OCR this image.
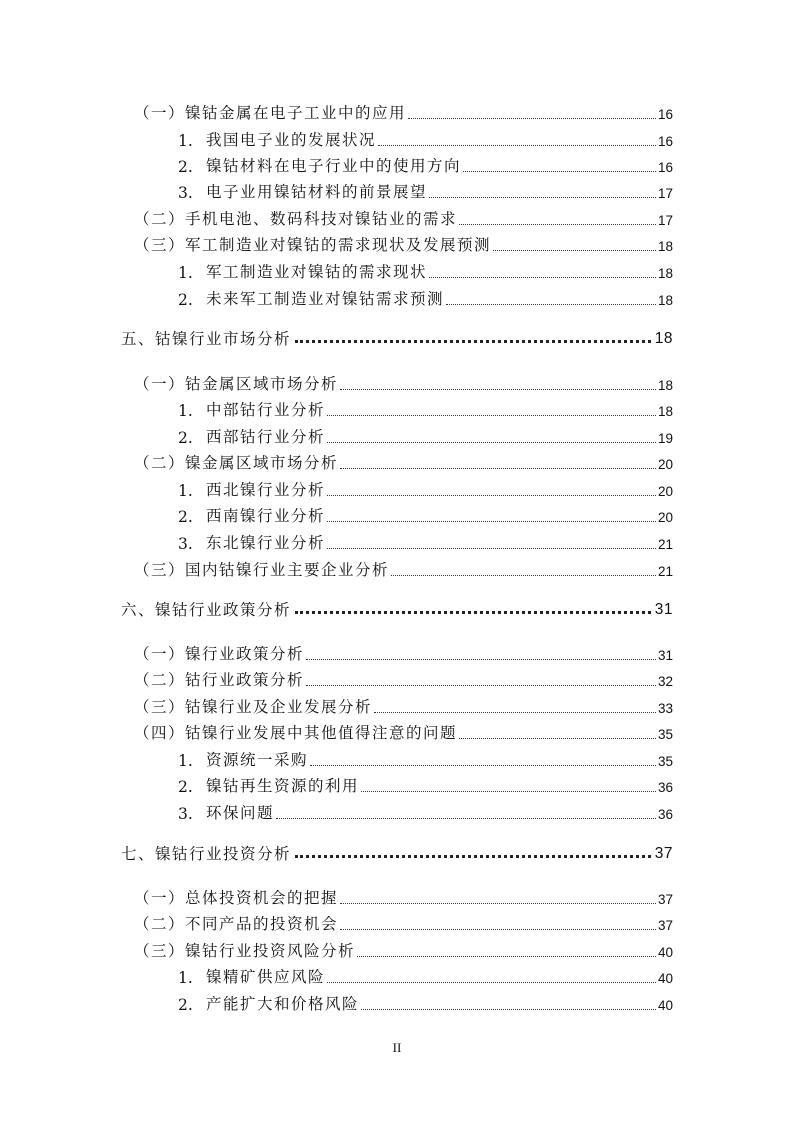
（一）镍钴金属在电子工业中的应用	16
1. 我国电子业的发展状况	16
2. 镍钴材料在电子行业中的使用方向	16
3. 电子业用镍钴材料的前景展望	17
（二）手机电池、数码科技对镍钴业的需求	17
（三）军工制造业对镍钴的需求现状及发展预测	18
1. 军工制造业对镍钴的需求现状	18
2. 未来军工制造业对镍钴需求预测	18
五、钴镍行业市场分析	18
（一）钴金属区域市场分析	18
1. 中部钴行业分析	18
2. 西部钴行业分析	19
（二）镍金属区域市场分析	20
1. 西北镍行业分析	20
2. 西南镍行业分析	20
3. 东北镍行业分析	21
（三）国内钴镍行业主要企业分析	21
六、镍钴行业政策分析	31
（一）镍行业政策分析	31
（二）钴行业政策分析	32
（三）钴镍行业及企业发展分析	33
（四）钴镍行业发展中其他值得注意的问题	35
1. 资源统一采购	35
2. 镍钴再生资源的利用	36
3. 环保问题	36
七、镍钴行业投资分析	37
（一）总体投资机会的把握	37
（二）不同产品的投资机会	37
（三）镍钴行业投资风险分析	40
1. 镍精矿供应风险	40
2. 产能扩大和价格风险	40
II
